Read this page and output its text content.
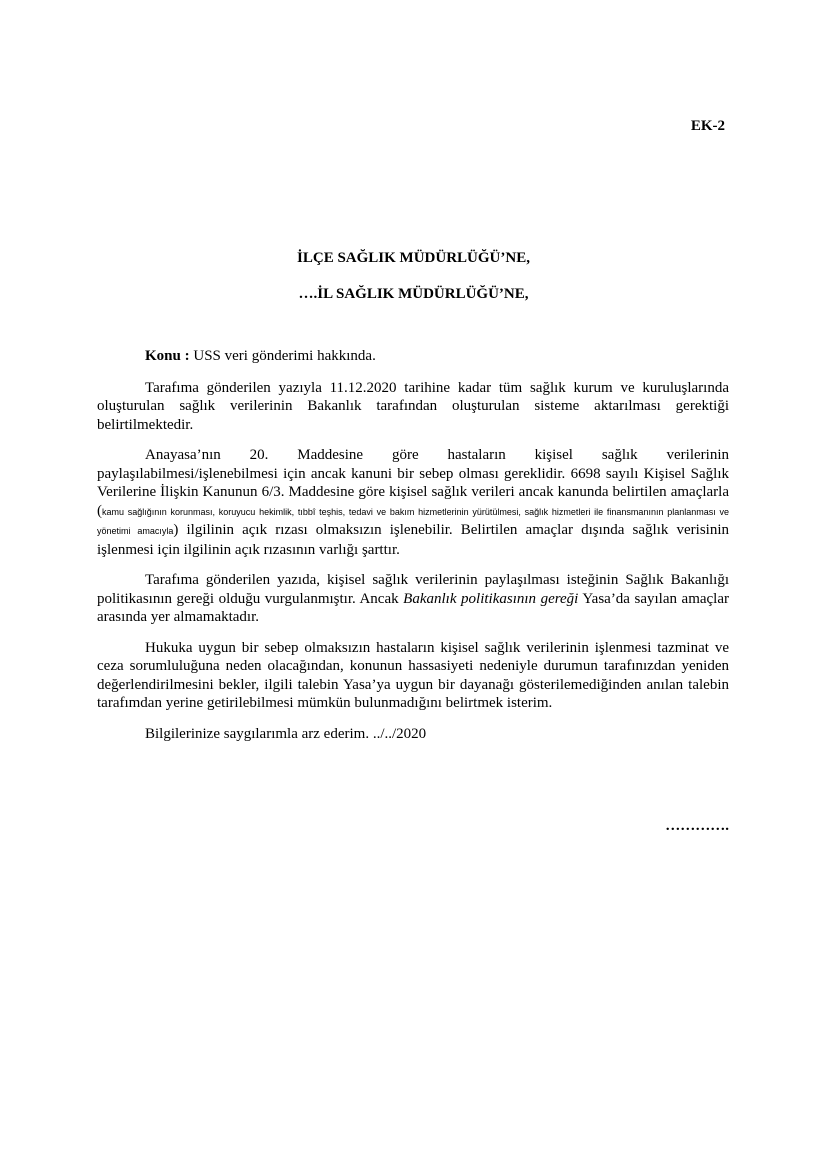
EK-2

İLÇE SAĞLIK MÜDÜRLÜĞÜ’NE,

….İL SAĞLIK MÜDÜRLÜĞÜ’NE,

Konu : USS veri gönderimi hakkında.

Tarafıma gönderilen yazıyla 11.12.2020 tarihine kadar tüm sağlık kurum ve kuruluşlarında oluşturulan sağlık verilerinin Bakanlık tarafından oluşturulan sisteme aktarılması gerektiği belirtilmektedir.

Anayasa’nın 20. Maddesine göre hastaların kişisel sağlık verilerinin paylaşılabilmesi/işlenebilmesi için ancak kanuni bir sebep olması gereklidir. 6698 sayılı Kişisel Sağlık Verilerine İlişkin Kanunun 6/3. Maddesine göre kişisel sağlık verileri ancak kanunda belirtilen amaçlarla (kamu sağlığının korunması, koruyucu hekimlik, tıbbî teşhis, tedavi ve bakım hizmetlerinin yürütülmesi, sağlık hizmetleri ile finansmanının planlanması ve yönetimi amacıyla) ilgilinin açık rızası olmaksızın işlenebilir. Belirtilen amaçlar dışında sağlık verisinin işlenmesi için ilgilinin açık rızasının varlığı şarttır.

Tarafıma gönderilen yazıda, kişisel sağlık verilerinin paylaşılması isteğinin Sağlık Bakanlığı politikasının gereği olduğu vurgulanmıştır. Ancak Bakanlık politikasının gereği Yasa’da sayılan amaçlar arasında yer almamaktadır.

Hukuka uygun bir sebep olmaksızın hastaların kişisel sağlık verilerinin işlenmesi tazminat ve ceza sorumluluğuna neden olacağından, konunun hassasiyeti nedeniyle durumun tarafınızdan yeniden değerlendirilmesini bekler, ilgili talebin Yasa’ya uygun bir dayanağı gösterilemediğinden anılan talebin tarafımdan yerine getirilebilmesi mümkün bulunmadığını belirtmek isterim.

Bilgilerinize saygılarımla arz ederim. ../../2020

………….
